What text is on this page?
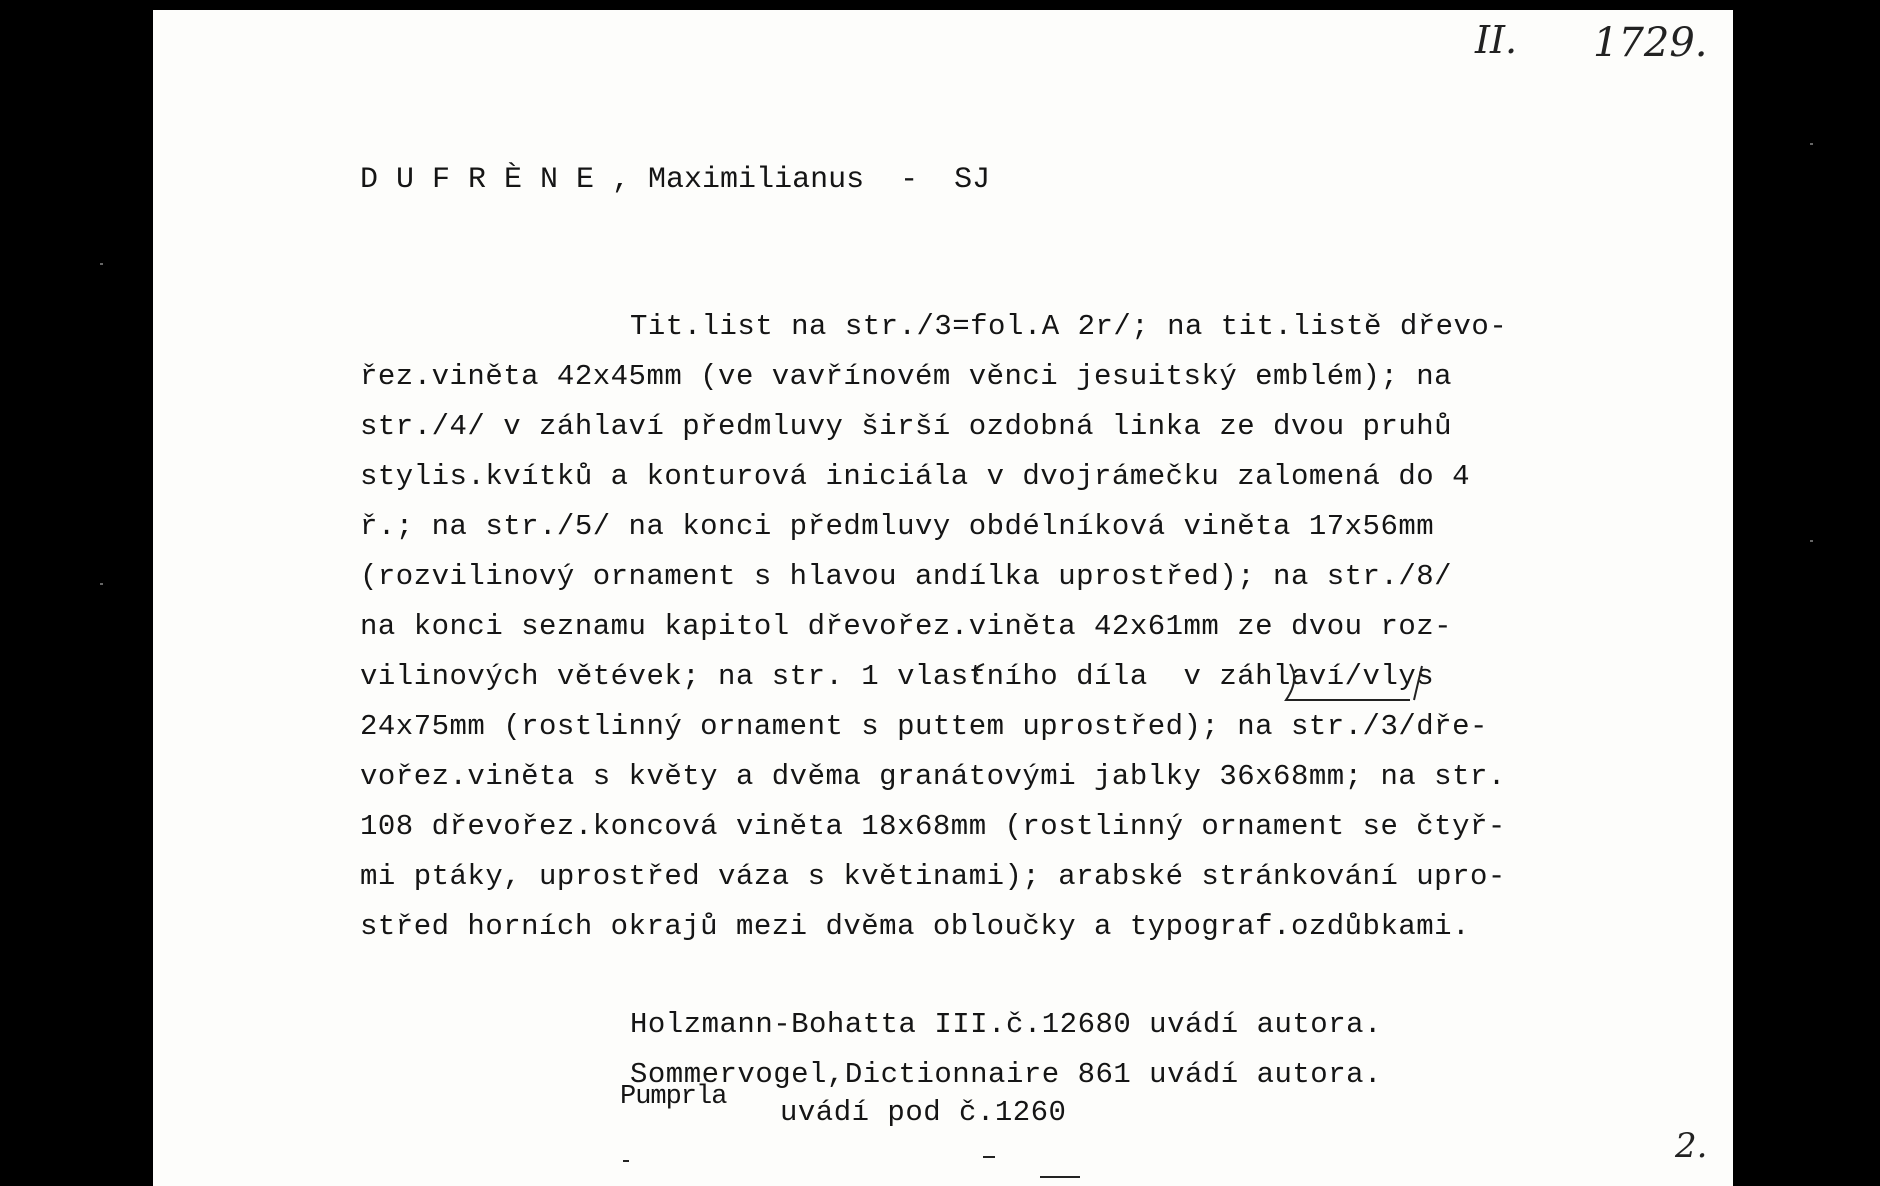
II. 1729.
D U F R È N E , Maximilianus  -  SJ
Tit.list na str./3=fol.A 2r/; na tit.listě dřevo-
řez.viněta 42x45mm (ve vavřínovém věnci jesuitský emblém); na
str./4/ v záhlaví předmluvy širší ozdobná linka ze dvou pruhů
stylis.kvítků a konturová iniciála v dvojrámečku zalomená do 4
ř.; na str./5/ na konci předmluvy obdélníková viněta 17x56mm
(rozvilinový ornament s hlavou andílka uprostřed); na str./8/
na konci seznamu kapitol dřevořez.viněta 42x61mm ze dvou roz-
vilinových větévek; na str. 1 vlastního díla  v záhlaví/vlys
24x75mm (rostlinný ornament s puttem uprostřed); na str./3/dře-
vořez.viněta s květy a dvěma granátovými jablky 36x68mm; na str.
108 dřevořez.koncová viněta 18x68mm (rostlinný ornament se čtyř-
mi ptáky, uprostřed váza s květinami); arabské stránkování upro-
střed horních okrajů mezi dvěma obloučky a typograf.ozdůbkami.
Holzmann-Bohatta III.č.12680 uvádí autora.
Sommervogel,Dictionnaire 861 uvádí autora.
Pumprla uvádí pod č.1260
2.
